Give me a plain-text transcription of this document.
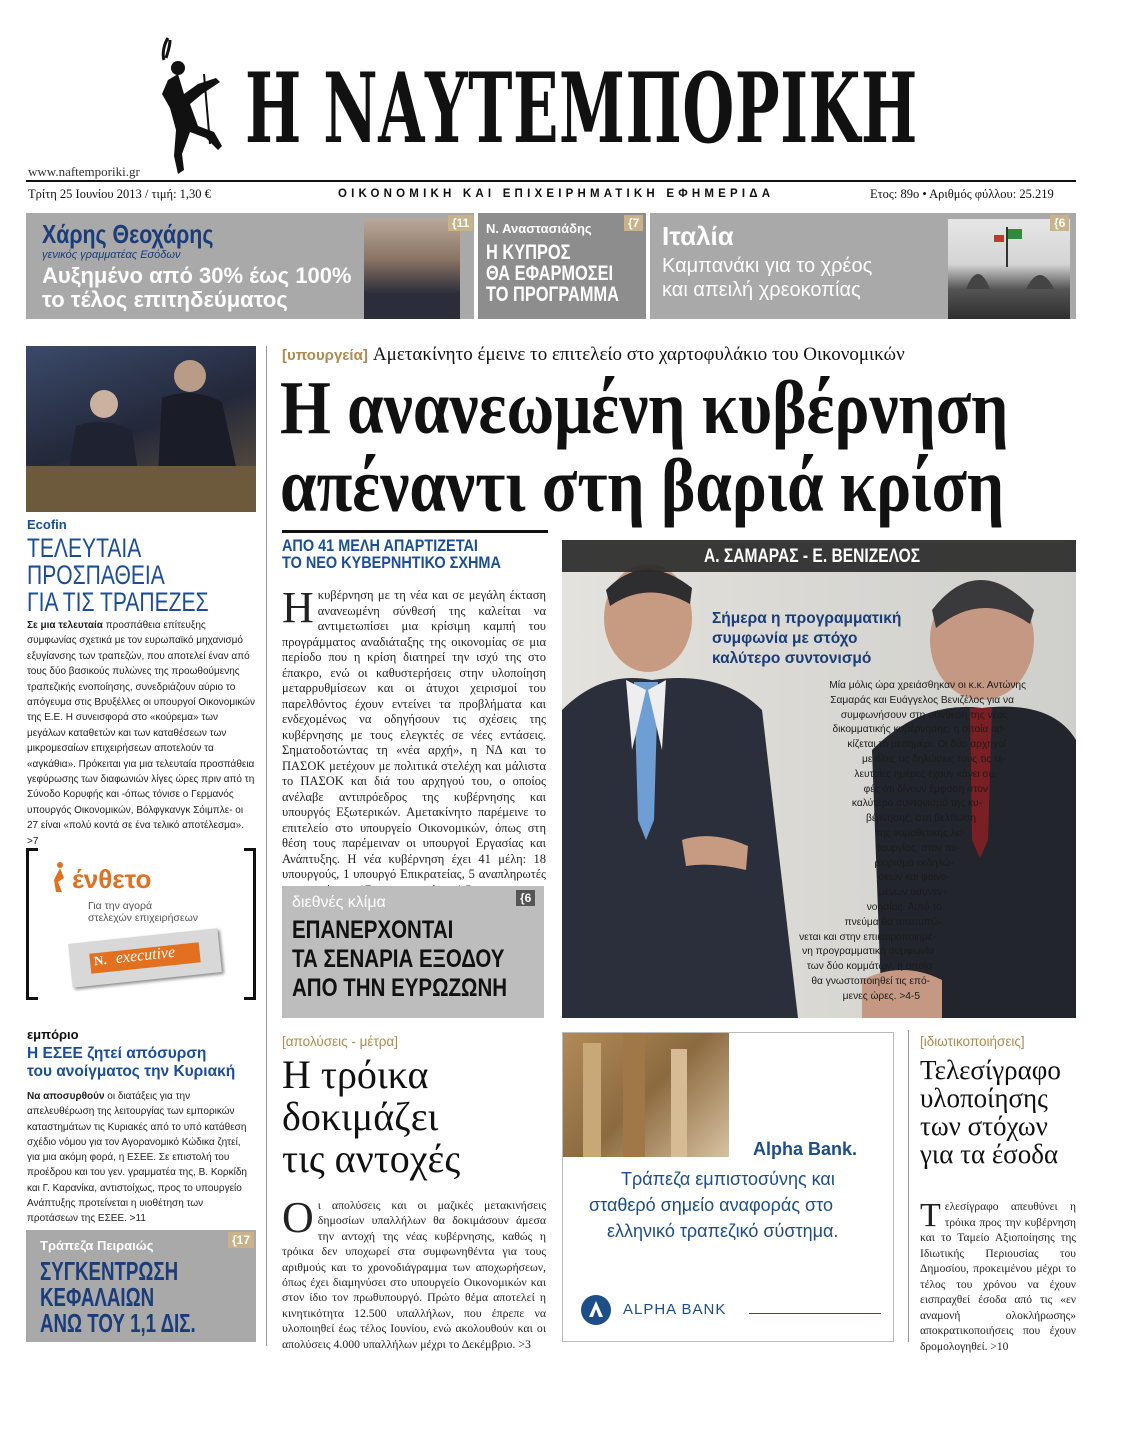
Η ΝΑΥΤΕΜΠΟΡΙΚΗ
www.naftemporiki.gr
Τρίτη 25 Ιουνίου 2013 / τιμή: 1,30 €	ΟΙΚΟΝΟΜΙΚΗ ΚΑΙ ΕΠΙΧΕΙΡΗΜΑΤΙΚΗ ΕΦΗΜΕΡΙΔΑ	Ετος: 89ο • Αριθμός φύλλου: 25.219
Χάρης Θεοχάρης
γενικός γραμματέας Εσόδων
Αυξημένο από 30% έως 100%
το τέλος επιτηδεύματος
{11	Ν. Αναστασιάδης
Η ΚΥΠΡΟΣ
ΘΑ ΕΦΑΡΜΟΣΕΙ
ΤΟ ΠΡΟΓΡΑΜΜΑ
{7 Ιταλία
Καμπανάκι για το χρέος
και απειλή χρεοκοπίας
{6
Ecofin
ΤΕΛΕΥΤΑΙΑ
ΠΡΟΣΠΑΘΕΙΑ
ΓΙΑ ΤΙΣ ΤΡΑΠΕΖΕΣ
Σε μια τελευταία προσπάθεια επίτευξης συμφωνίας σχετικά με τον ευρωπαϊκό μηχανισμό εξυγίανσης των τραπεζών, που αποτελεί έναν από τους δύο βασικούς πυλώνες της προωθούμενης τραπεζικής ενοποίησης, συνεδριάζουν αύριο το απόγευμα στις Βρυξέλλες οι υπουργοί Οικονομικών της Ε.Ε. Η συνεισφορά στο «κούρεμα» των μεγάλων καταθετών και των καταθέσεων των μικρομεσαίων επιχειρήσεων αποτελούν τα «αγκάθια». Πρόκειται για μια τελευταία προσπάθεια γεφύρωσης των διαφωνιών λίγες ώρες πριν από τη Σύνοδο Κορυφής και -όπως τόνισε ο Γερμανός υπουργός Οικονομικών, Βόλφγκανγκ Σόιμπλε- οι 27 είναι «πολύ κοντά σε ένα τελικό αποτέλεσμα». >7
ένθετο
Για την αγορά
στελεχών επιχειρήσεων
N. executive
εμπόριο
Η ΕΣΕΕ ζητεί απόσυρση
του ανοίγματος την Κυριακή
Να αποσυρθούν οι διατάξεις για την απελευθέρωση της λειτουργίας των εμπορικών καταστημάτων τις Κυριακές από το υπό κατάθεση σχέδιο νόμου για τον Αγορανομικό Κώδικα ζητεί, για μια ακόμη φορά, η ΕΣΕΕ. Σε επιστολή του προέδρου και του γεν. γραμματέα της, Β. Κορκίδη και Γ. Καρανίκα, αντιστοίχως, προς το υπουργείο Ανάπτυξης προτείνεται η υιοθέτηση των προτάσεων της ΕΣΕΕ. >11
Τράπεζα Πειραιώς
ΣΥΓΚΕΝΤΡΩΣΗ
ΚΕΦΑΛΑΙΩΝ
ΑΝΩ ΤΟΥ 1,1 ΔΙΣ.
{17
[υπουργεία] Αμετακίνητο έμεινε το επιτελείο στο χαρτοφυλάκιο του Οικονομικών
Η ανανεωμένη κυβέρνηση
απέναντι στη βαριά κρίση
ΑΠΟ 41 ΜΕΛΗ ΑΠΑΡΤΙΖΕΤΑΙ
ΤΟ ΝΕΟ ΚΥΒΕΡΝΗΤΙΚΟ ΣΧΗΜΑ
Ηκυβέρνηση με τη νέα και σε μεγάλη έκταση ανανεωμένη σύνθεσή της καλείται να αντιμετωπίσει μια κρίσιμη καμπή του προγράμματος αναδιάταξης της οικονομίας σε μια περίοδο που η κρίση διατηρεί την ισχύ της στο έπακρο, ενώ οι καθυστερήσεις στην υλοποίηση μεταρρυθμίσεων και οι άτυχοι χειρισμοί του παρελθόντος έχουν εντείνει τα προβλήματα και ενδεχομένως να οδηγήσουν τις σχέσεις της κυβέρνησης με τους ελεγκτές σε νέες εντάσεις. Σηματοδοτώντας τη «νέα αρχή», η ΝΔ και το ΠΑΣΟΚ μετέχουν με πολιτικά στελέχη και μάλιστα το ΠΑΣΟΚ και διά του αρχηγού του, ο οποίος ανέλαβε αντιπρόεδρος της κυβέρνησης και υπουργός Εξωτερικών. Αμετακίνητο παρέμεινε το επιτελείο στο υπουργείο Οικονομικών, όπως στη θέση τους παρέμειναν οι υπουργοί Εργασίας και Ανάπτυξης. Η νέα κυβέρνηση έχει 41 μέλη: 18 υπουργούς, 1 υπουργό Επικρατείας, 5 αναπληρωτές
διεθνές κλίμα
ΕΠΑΝΕΡΧΟΝΤΑΙ
ΤΑ ΣΕΝΑΡΙΑ ΕΞΟΔΟΥ
ΑΠΟ ΤΗΝ ΕΥΡΩΖΩΝΗ
{6
Α. ΣΑΜΑΡΑΣ - Ε. ΒΕΝΙΖΕΛΟΣ
Σήμερα η προγραμματική
συμφωνία με στόχο
καλύτερο συντονισμό
Μία μόλις ώρα χρειάσθηκαν οι κ.κ. Αντώνης
Σαμαράς και Ευάγγελος Βενιζέλος για να
συμφωνήσουν στη σύνθεση της νέας
δικομματικής κυβέρνησης, η οποία ορ-
κίζεται το μεσημέρι. Οι δύο αρχηγοί
με όλες τις δηλώσεις τους τις τε-
λευταίες ημέρες έχουν κάνει σα-
φές ότι δίνουν έμφαση στον
καλύτερο συντονισμό της κυ-
βέρνησης, στη βελτίωση
της νομοθετικής λει-
τουργίας, στον πε-
ριορισμό εκδηλώ-
σεων και φαινο-
μένων ασυνεν-
νοησίας. Αυτό το
πνεύμα θα αποτυπώ-
νεται και στην επικαιροποιημέ-
νη προγραμματική συμφωνία
των δύο κομμάτων, η οποία
θα γνωστοποιηθεί τις επό-
μενες ώρες. >4-5
[απολύσεις - μέτρα]
Η τρόικα
δοκιμάζει
τις αντοχές
Οι απολύσεις και οι μαζικές μετακινήσεις δημοσίων υπαλλήλων θα δοκιμάσουν άμεσα την αντοχή της νέας κυβέρνησης, καθώς η τρόικα δεν υποχωρεί στα συμφωνηθέντα για τους αριθμούς και το χρονοδιάγραμμα των αποχωρήσεων, όπως έχει διαμηνύσει στο υπουργείο Οικονομικών και στον ίδιο τον πρωθυπουργό. Πρώτο θέμα αποτελεί η κινητικότητα 12.500 υπαλλήλων, που έπρεπε να υλοποιηθεί έως τέλος Ιουνίου, ενώ ακολουθούν και οι απολύσεις 4.000 υπαλλήλων μέχρι το Δεκέμβριο. >3
Alpha Bank.
Τράπεζα εμπιστοσύνης και
σταθερό σημείο αναφοράς στο
ελληνικό τραπεζικό σύστημα.
ALPHA BANK
[ιδιωτικοποιήσεις]
Τελεσίγραφο
υλοποίησης
των στόχων
για τα έσοδα
Τελεσίγραφο απευθύνει η τρόικα προς την κυβέρνηση και το Ταμείο Αξιοποίησης της Ιδιωτικής Περιουσίας του Δημοσίου, προκειμένου μέχρι το τέλος του χρόνου να έχουν εισπραχθεί έσοδα από τις «εν αναμονή ολοκλήρωσης» αποκρατικοποιήσεις που έχουν δρομολογηθεί. >10
